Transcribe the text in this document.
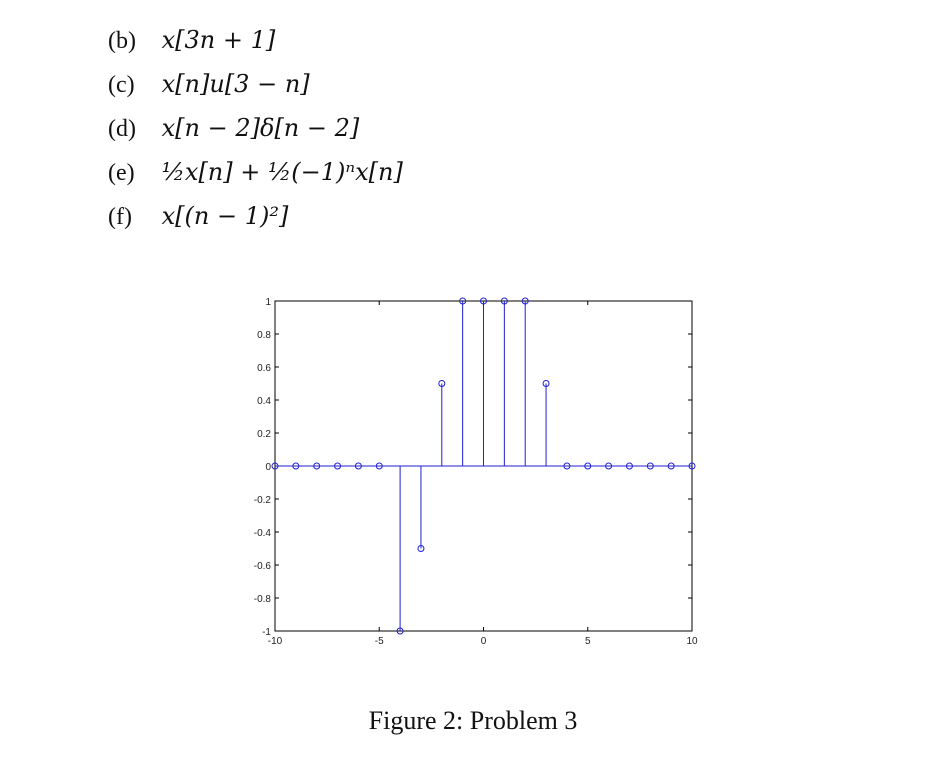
(b) x[3n + 1]
(c) x[n]u[3 − n]
(d) x[n − 2]δ[n − 2]
(e) ½x[n] + ½(−1)ⁿx[n]
(f) x[(n − 1)²]
-1
-0.8
-0.6
-0.4
-0.2
0
0.2
0.4
0.6
0.8
1
-10	-5	0	5	10
Figure 2: Problem 3
